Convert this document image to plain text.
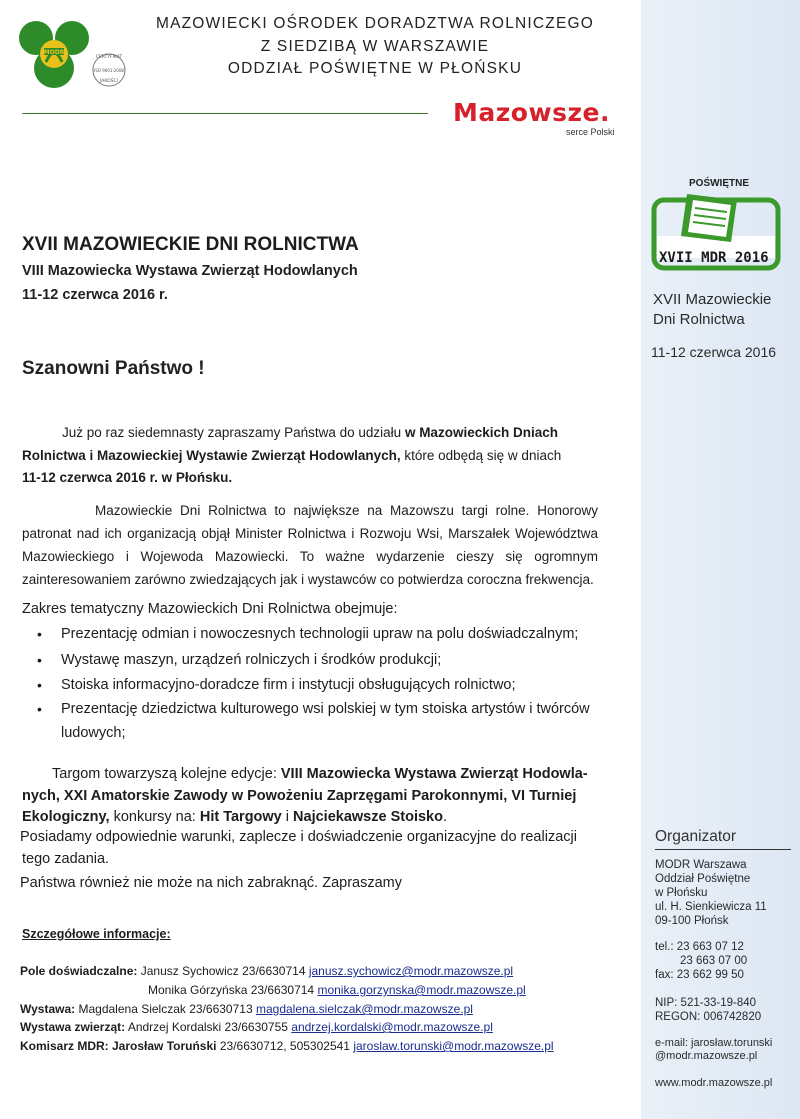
POŚWIĘTNE
XVII MDR 2016
XVII Mazowieckie
Dni Rolnictwa
11-12 czerwca 2016
Organizator
MODR Warszawa
Oddział Poświętne
w Płońsku
ul. H. Sienkiewicza 11
09-100 Płońsk
tel.: 23 663 07 12
23 663 07 00
fax: 23 662 99 50
NIP: 521-33-19-840
REGON: 006742820
e-mail: jarosław.torunski
@modr.mazowsze.pl
www.modr.mazowsze.pl
MODR
CERTYFIKAT
ISO 9001:2008
JAKOŚCI
MAZOWIECKI OŚRODEK DORADZTWA ROLNICZEGO
Z SIEDZIBĄ W WARSZAWIE
ODDZIAŁ POŚWIĘTNE W PŁOŃSKU
Mazowsze.
serce Polski
XVII MAZOWIECKIE DNI ROLNICTWA
VIII Mazowiecka Wystawa Zwierząt Hodowlanych
11-12 czerwca 2016 r.
Szanowni Państwo !
Już po raz siedemnasty zapraszamy Państwa do udziału w Mazowieckich Dniach
Rolnictwa i Mazowieckiej Wystawie Zwierząt Hodowlanych, które odbędą się w dniach
11-12 czerwca 2016 r. w Płońsku.
Mazowieckie Dni Rolnictwa to największe na Mazowszu targi rolne. Honorowy
patronat nad ich organizacją objął Minister Rolnictwa i Rozwoju Wsi, Marszałek Województwa
Mazowieckiego i Wojewoda Mazowiecki. To ważne wydarzenie cieszy się ogromnym
zainteresowaniem zarówno zwiedzających jak i wystawców co potwierdza coroczna frekwencja.
Zakres tematyczny Mazowieckich Dni Rolnictwa obejmuje:
• Prezentację odmian i nowoczesnych technologii upraw na polu doświadczalnym;
• Wystawę maszyn, urządzeń rolniczych i środków produkcji;
• Stoiska informacyjno-doradcze firm i instytucji obsługujących rolnictwo;
• Prezentację dziedzictwa kulturowego wsi polskiej w tym stoiska artystów i twórców
ludowych;
Targom towarzyszą kolejne edycje: VIII Mazowiecka Wystawa Zwierząt Hodowla-
nych, XXI Amatorskie Zawody w Powożeniu Zaprzęgami Parokonnymi, VI Turniej
Ekologiczny, konkursy na: Hit Targowy i Najciekawsze Stoisko.
Posiadamy odpowiednie warunki, zaplecze i doświadczenie organizacyjne do realizacji
tego zadania.
Państwa również nie może na nich zabraknąć. Zapraszamy
Szczegółowe informacje:
Pole doświadczalne: Janusz Sychowicz 23/6630714 janusz.sychowicz@modr.mazowsze.pl
Monika Górzyńska 23/6630714 monika.gorzynska@modr.mazowsze.pl
Wystawa: Magdalena Sielczak 23/6630713 magdalena.sielczak@modr.mazowsze.pl
Wystawa zwierząt: Andrzej Kordalski 23/6630755 andrzej.kordalski@modr.mazowsze.pl
Komisarz MDR: Jarosław Toruński 23/6630712, 505302541 jaroslaw.torunski@modr.mazowsze.pl
